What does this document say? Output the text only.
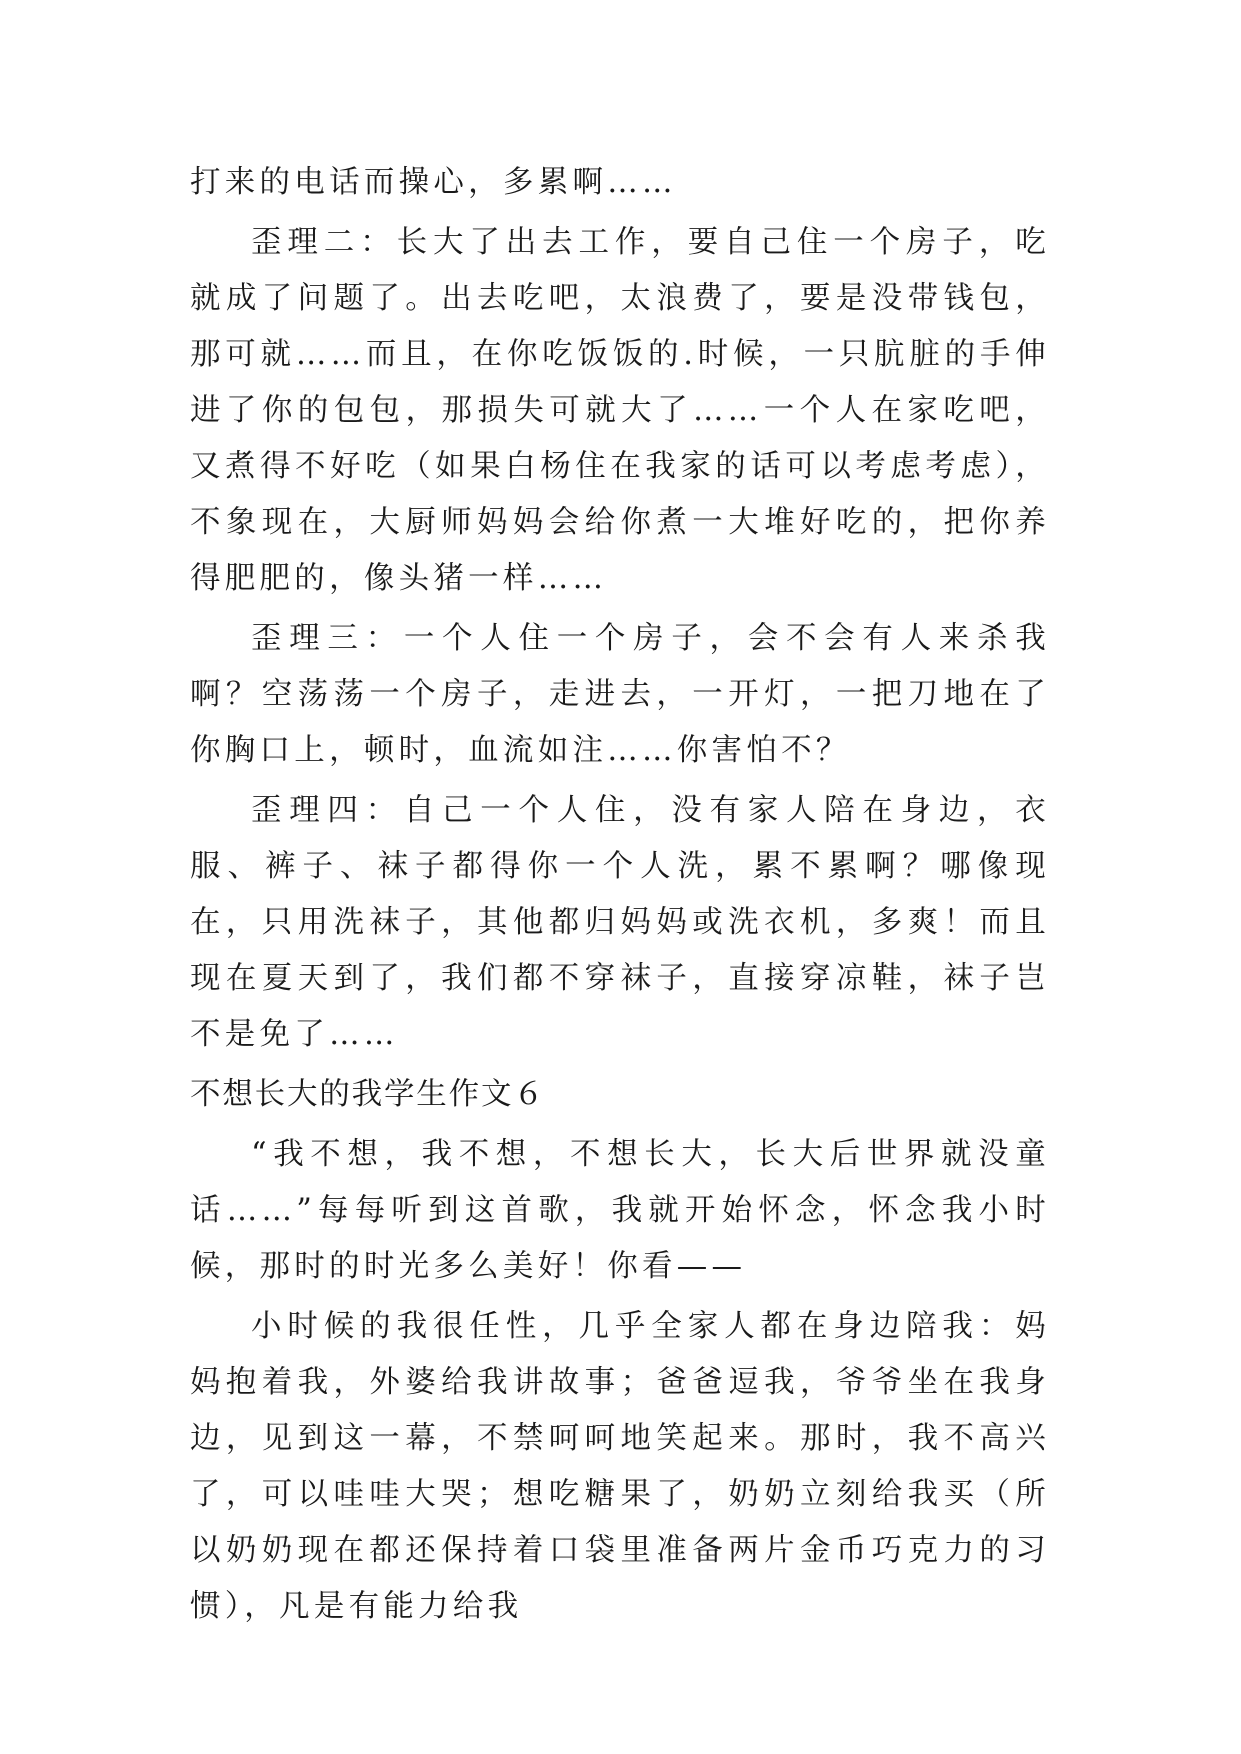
打来的电话而操心，多累啊……

歪理二：长大了出去工作，要自己住一个房子，吃就成了问题了。出去吃吧，太浪费了，要是没带钱包，那可就……而且，在你吃饭饭的.时候，一只肮脏的手伸进了你的包包，那损失可就大了……一个人在家吃吧，又煮得不好吃（如果白杨住在我家的话可以考虑考虑），不象现在，大厨师妈妈会给你煮一大堆好吃的，把你养得肥肥的，像头猪一样……

歪理三：一个人住一个房子，会不会有人来杀我啊？空荡荡一个房子，走进去，一开灯，一把刀地在了你胸口上，顿时，血流如注……你害怕不？

歪理四：自己一个人住，没有家人陪在身边，衣服、裤子、袜子都得你一个人洗，累不累啊？哪像现在，只用洗袜子，其他都归妈妈或洗衣机，多爽！而且现在夏天到了，我们都不穿袜子，直接穿凉鞋，袜子岂不是免了……

不想长大的我学生作文６

“我不想，我不想，不想长大，长大后世界就没童话……”每每听到这首歌，我就开始怀念，怀念我小时候，那时的时光多么美好！你看——

小时候的我很任性，几乎全家人都在身边陪我：妈妈抱着我，外婆给我讲故事；爸爸逗我，爷爷坐在我身边，见到这一幕，不禁呵呵地笑起来。那时，我不高兴了，可以哇哇大哭；想吃糖果了，奶奶立刻给我买（所以奶奶现在都还保持着口袋里准备两片金币巧克力的习惯），凡是有能力给我
